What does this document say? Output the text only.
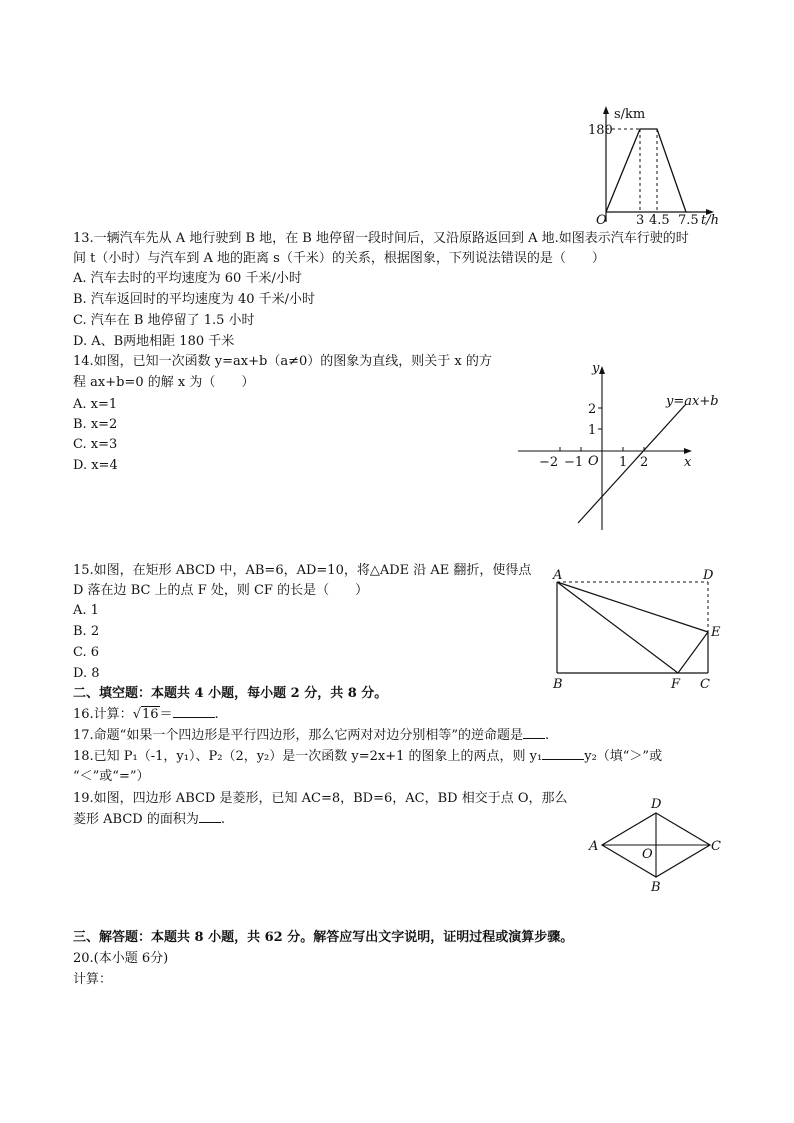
s/km
180
O 3 4.5 7.5 t/h
13.一辆汽车先从 A 地行驶到 B 地，在 B 地停留一段时间后，又沿原路返回到 A 地.如图表示汽车行驶的时
间 t（小时）与汽车到 A 地的距离 s（千米）的关系，根据图象，下列说法错误的是（　　）
A. 汽车去时的平均速度为 60 千米/小时
B. 汽车返回时的平均速度为 40 千米/小时
C. 汽车在 B 地停留了 1.5 小时
D. A、B两地相距 180 千米
14.如图，已知一次函数 y=ax+b（a≠0）的图象为直线，则关于 x 的方
程 ax+b=0 的解 x 为（　　）
A. x=1
B. x=2
C. x=3
D. x=4
y
x
O
2
1
−2 −1	1 2
y=ax+b
15.如图，在矩形 ABCD 中，AB=6，AD=10，将△ADE 沿 AE 翻折，使得点
D 落在边 BC 上的点 F 处，则 CF 的长是（　　）
A. 1
B. 2
C. 6
D. 8
A	D
E
B	F C
二、填空题：本题共 4 小题，每小题 2 分，共 8 分。
16.计算：√16＝	.
17.命题“如果一个四边形是平行四边形，那么它两对对边分别相等”的逆命题是 .
18.已知 P₁（-1，y₁）、P₂（2，y₂）是一次函数 y=2x+1 的图象上的两点，则 y₁	y₂（填“＞”或
“＜”或“=”）
19.如图，四边形 ABCD 是菱形，已知 AC=8，BD=6，AC，BD 相交于点 O，那么
菱形 ABCD 的面积为 .
D
A
O
C
B
三、解答题：本题共 8 小题，共 62 分。解答应写出文字说明，证明过程或演算步骤。
20.(本小题 6分)
计算：
